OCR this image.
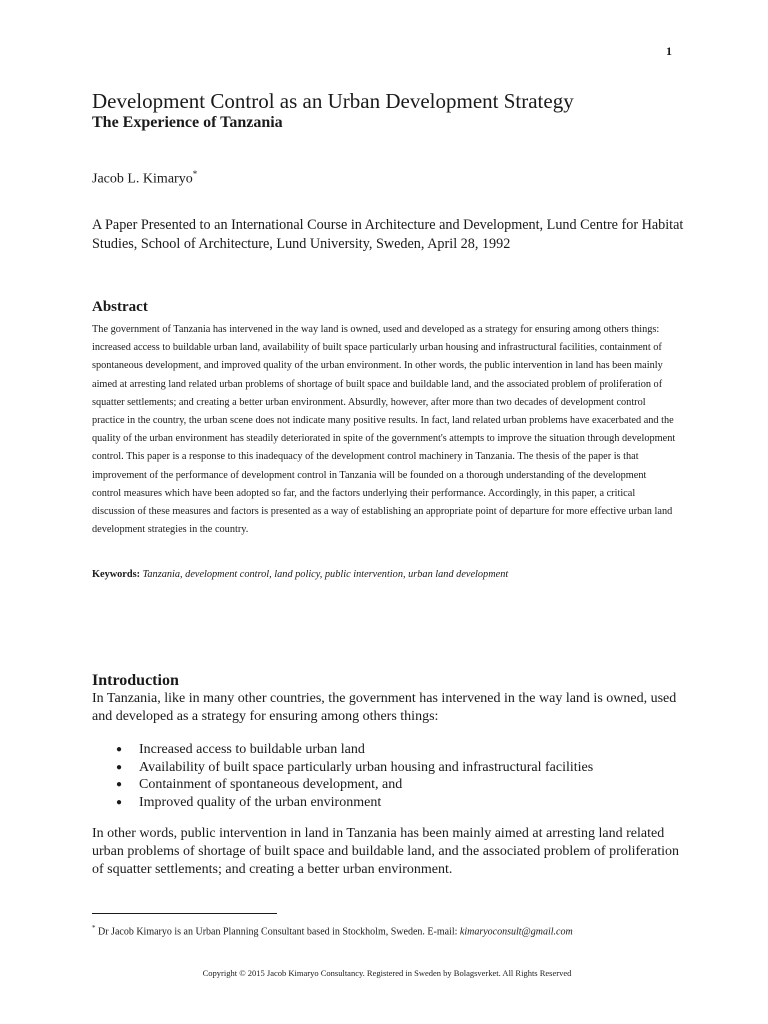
1
Development Control as an Urban Development Strategy
The Experience of Tanzania
Jacob L. Kimaryo*
A Paper Presented to an International Course in Architecture and Development, Lund Centre for Habitat Studies, School of Architecture, Lund University, Sweden, April 28, 1992
Abstract

The government of Tanzania has intervened in the way land is owned, used and developed as a strategy for ensuring among others things: increased access to buildable urban land, availability of built space particularly urban housing and infrastructural facilities, containment of spontaneous development, and improved quality of the urban environment. In other words, the public intervention in land has been mainly aimed at arresting land related urban problems of shortage of built space and buildable land, and the associated problem of proliferation of squatter settlements; and creating a better urban environment. Absurdly, however, after more than two decades of development control practice in the country, the urban scene does not indicate many positive results. In fact, land related urban problems have exacerbated and the quality of the urban environment has steadily deteriorated in spite of the government's attempts to improve the situation through development control. This paper is a response to this inadequacy of the development control machinery in Tanzania. The thesis of the paper is that improvement of the performance of development control in Tanzania will be founded on a thorough understanding of the development control measures which have been adopted so far, and the factors underlying their performance. Accordingly, in this paper, a critical discussion of these measures and factors is presented as a way of establishing an appropriate point of departure for more effective urban land development strategies in the country.

Keywords: Tanzania, development control, land policy, public intervention, urban land development
Introduction

In Tanzania, like in many other countries, the government has intervened in the way land is owned, used and developed as a strategy for ensuring among others things:

● Increased access to buildable urban land
● Availability of built space particularly urban housing and infrastructural facilities
● Containment of spontaneous development, and
● Improved quality of the urban environment

In other words, public intervention in land in Tanzania has been mainly aimed at arresting land related urban problems of shortage of built space and buildable land, and the associated problem of proliferation of squatter settlements; and creating a better urban environment.

* Dr Jacob Kimaryo is an Urban Planning Consultant based in Stockholm, Sweden. E-mail: kimaryoconsult@gmail.com
Copyright © 2015 Jacob Kimaryo Consultancy. Registered in Sweden by Bolagsverket. All Rights Reserved
